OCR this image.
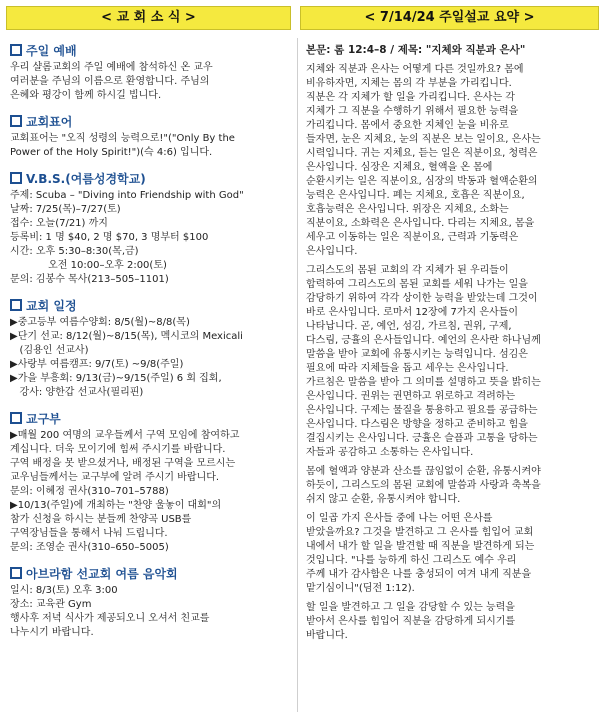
< 교 회 소 식 >	< 7/14/24 주일설교 요약 >
주일 예배
우리 샬롬교회의 주일 예배에 참석하신 온 교우
여러분을 주님의 이름으로 환영합니다. 주님의
은혜와 평강이 함께 하시길 빕니다.
교회표어
교회표어는 "오직 성령의 능력으로!"("Only By the
Power of the Holy Spirit!")(슥 4:6) 입니다.
V.B.S.(여름성경학교)
주제: Scuba – "Diving into Friendship with God"
날짜: 7/25(목)–7/27(토)
접수: 오늘(7/21) 까지
등록비: 1 명 $40, 2 명 $70, 3 명부터 $100
시간: 오후 5:30–8:30(목,금)
오전 10:00–오후 2:00(토)
문의: 김봉수 목사(213–505–1101)
교회 일정
▶중고등부 여름수양회: 8/5(월)~8/8(목)
▶단기 선교: 8/12(월)~8/15(목), 멕시코의 Mexicali
(김용인 선교사)
▶사랑부 여름캠프: 9/7(토) ~9/8(주일)
▶가을 부흥회: 9/13(금)~9/15(주일) 6 회 집회,
강사: 양한갑 선교사(필리핀)
교구부
▶매월 200 여명의 교우들께서 구역 모임에 참여하고
계십니다. 더욱 모이기에 힘써 주시기를 바랍니다.
구역 배정을 못 받으셨거나, 배정된 구역을 모르시는
교우님들께서는 교구부에 알려 주시기 바랍니다.
문의: 이혜정 권사(310–701–5788)
▶10/13(주일)에 개최하는 "찬양 울놓이 대회"의
참가 신청을 하시는 분들께 찬양곡 USB를
구역장님들을 통해서 나눠 드립니다.
문의: 조영순 권사(310–650–5005)
아브라함 선교회 여름 음악회
일시: 8/3(토) 오후 3:00
장소: 교육관 Gym
행사후 저녁 식사가 제공되오니 오셔서 친교를
나누시기 바랍니다.
본문: 롬 12:4–8 / 제목: "지체와 직분과 은사"
지체와 직분과 은사는 어떻게 다른 것일까요? 몸에
비유하자면, 지체는 몸의 각 부분을 가리킵니다.
직분은 각 지체가 할 일을 가리킵니다. 은사는 각
지체가 그 직분을 수행하기 위해서 필요한 능력을
가리킵니다. 몸에서 중요한 지체인 눈을 비유로
들자면, 눈은 지체요, 눈의 직분은 보는 일이요, 은사는
시력입니다. 귀는 지체요, 듣는 일은 직분이요, 청력은
은사입니다. 심장은 지체요, 혈액을 온 몸에
순환시키는 일은 직분이요, 심장의 박동과 혈액순환의
능력은 은사입니다. 폐는 지체요, 호흡은 직분이요,
호흡능력은 은사입니다. 위장은 지체요, 소화는
직분이요, 소화력은 은사입니다. 다리는 지체요, 몸을
세우고 이동하는 일은 직분이요, 근력과 기동력은
은사입니다.
그리스도의 몸된 교회의 각 지체가 된 우리들이
합력하여 그리스도의 몸된 교회를 세워 나가는 일을
감당하기 위하여 각각 상이한 능력을 받았는데 그것이
바로 은사입니다. 로마서 12장에 7가지 은사들이
나타납니다. 곧, 예언, 섬김, 가르침, 권위, 구제,
다스림, 긍휼의 은사들입니다. 예언의 은사란 하나님께
말씀을 받아 교회에 유통시키는 능력입니다. 섬김은
필요에 따라 지체들을 돕고 세우는 은사입니다.
가르침은 말씀을 받아 그 의미를 설명하고 뜻을 밝히는
은사입니다. 권위는 권면하고 위로하고 격려하는
은사입니다. 구제는 물질을 통용하고 필요를 공급하는
은사입니다. 다스림은 방향을 정하고 준비하고 힘을
결집시키는 은사입니다. 긍휼은 슬픔과 고통을 당하는
자들과 공감하고 소통하는 은사입니다.
몸에 혈액과 양분과 산소를 끊임없이 순환, 유통시켜야
하듯이, 그리스도의 몸된 교회에 말씀과 사랑과 축복을
쉬지 않고 순환, 유통시켜야 합니다.
이 일곱 가지 은사들 중에 나는 어떤 은사를
받았을까요? 그것을 발견하고 그 은사를 힘입어 교회
내에서 내가 할 일을 발견할 때 직분을 발견하게 되는
것입니다. "나를 능하게 하신 그리스도 예수 우리
주께 내가 감사함은 나를 충성되이 여겨 내게 직분을
맡기심이니"(딤전 1:12).
할 일을 발견하고 그 일을 감당할 수 있는 능력을
받아서 은사를 힘입어 직분을 감당하게 되시기를
바랍니다.
